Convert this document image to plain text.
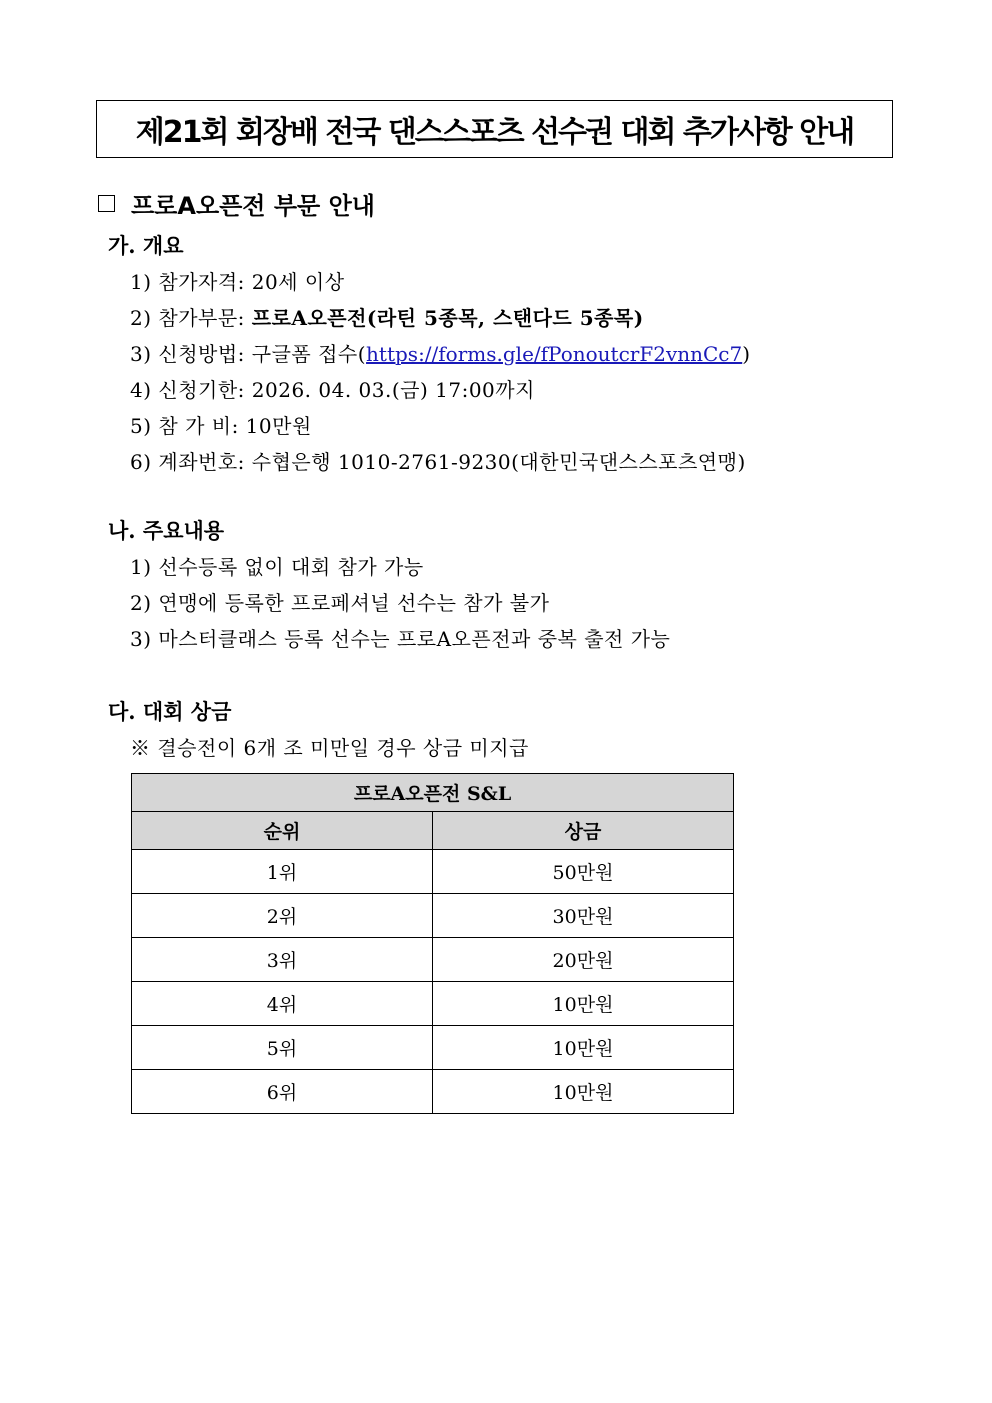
제21회 회장배 전국 댄스스포츠 선수권 대회 추가사항 안내
프로A오픈전 부문 안내
가. 개요
1) 참가자격: 20세 이상
2) 참가부문: 프로A오픈전(라틴 5종목, 스탠다드 5종목)
3) 신청방법: 구글폼 접수(https://forms.gle/fPonoutcrF2vnnCc7)
4) 신청기한: 2026. 04. 03.(금) 17:00까지
5) 참 가 비: 10만원
6) 계좌번호: 수협은행 1010-2761-9230(대한민국댄스스포츠연맹)
나. 주요내용
1) 선수등록 없이 대회 참가 가능
2) 연맹에 등록한 프로페셔널 선수는 참가 불가
3) 마스터클래스 등록 선수는 프로A오픈전과 중복 출전 가능
다. 대회 상금
※ 결승전이 6개 조 미만일 경우 상금 미지급
프로A오픈전 S&L	
순위	상금
1위	50만원
2위	30만원
3위	20만원
4위	10만원
5위	10만원
6위	10만원
